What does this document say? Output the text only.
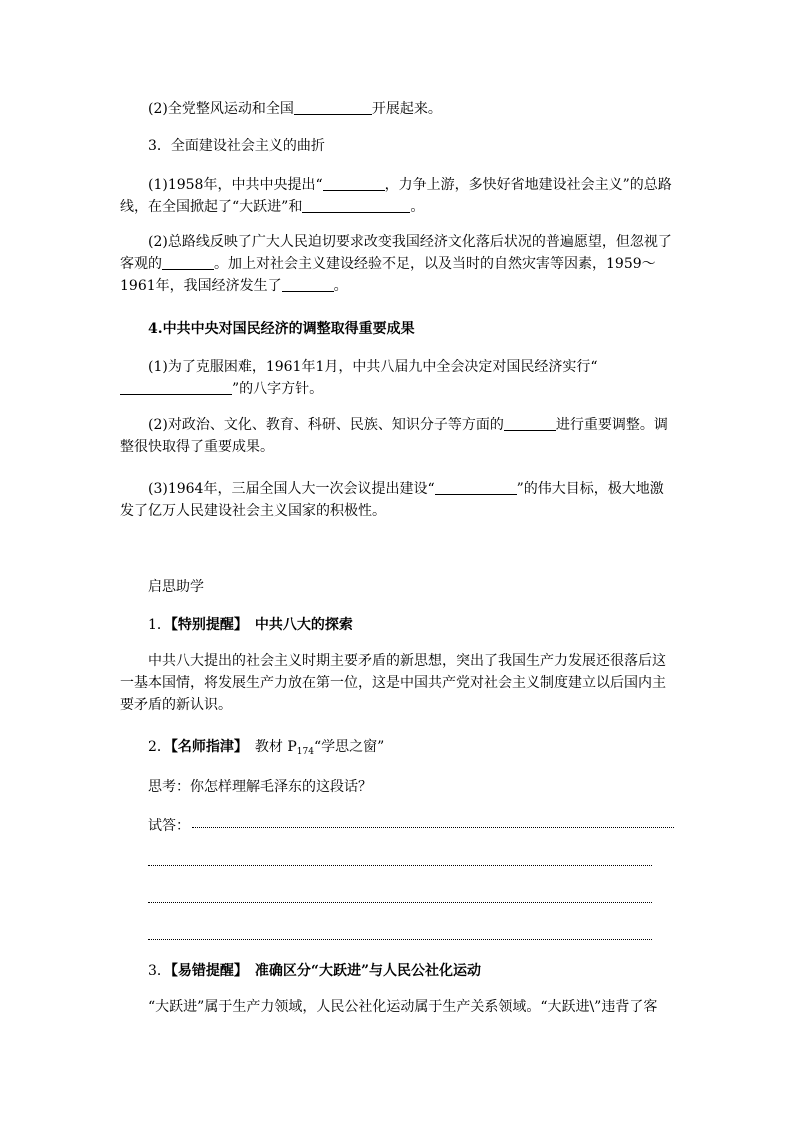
(2)全党整风运动和全国	开展起来。

3．全面建设社会主义的曲折

(1)1958年，中共中央提出“	，力争上游，多快好省地建设社会主义”的总路线，在全国掀起了“大跃进”和	。

(2)总路线反映了广大人民迫切要求改变我国经济文化落后状况的普遍愿望，但忽视了客观的	。加上对社会主义建设经验不足，以及当时的自然灾害等因素，1959～1961年，我国经济发生了	。

4.中共中央对国民经济的调整取得重要成果

(1)为了克服困难，1961年1月，中共八届九中全会决定对国民经济实行“”的八字方针。

(2)对政治、文化、教育、科研、民族、知识分子等方面的	进行重要调整。调整很快取得了重要成果。

(3)1964年，三届全国人大一次会议提出建设“	”的伟大目标，极大地激发了亿万人民建设社会主义国家的积极性。

启思助学

1．【特别提醒】　 中共八大的探索

中共八大提出的社会主义时期主要矛盾的新思想，突出了我国生产力发展还很落后这一基本国情，将发展生产力放在第一位，这是中国共产党对社会主义制度建立以后国内主要矛盾的新认识。

2．【名师指津】　 教材 $P_{174}“$学思之窗”

思考：你怎样理解毛泽东的这段话？

试答：

3．【易错提醒】　 准确区分“大跃进”与人民公社化运动

“大跃进”属于生产力领域，人民公社化运动属于生产关系领域。“大跃进\”违背了客
